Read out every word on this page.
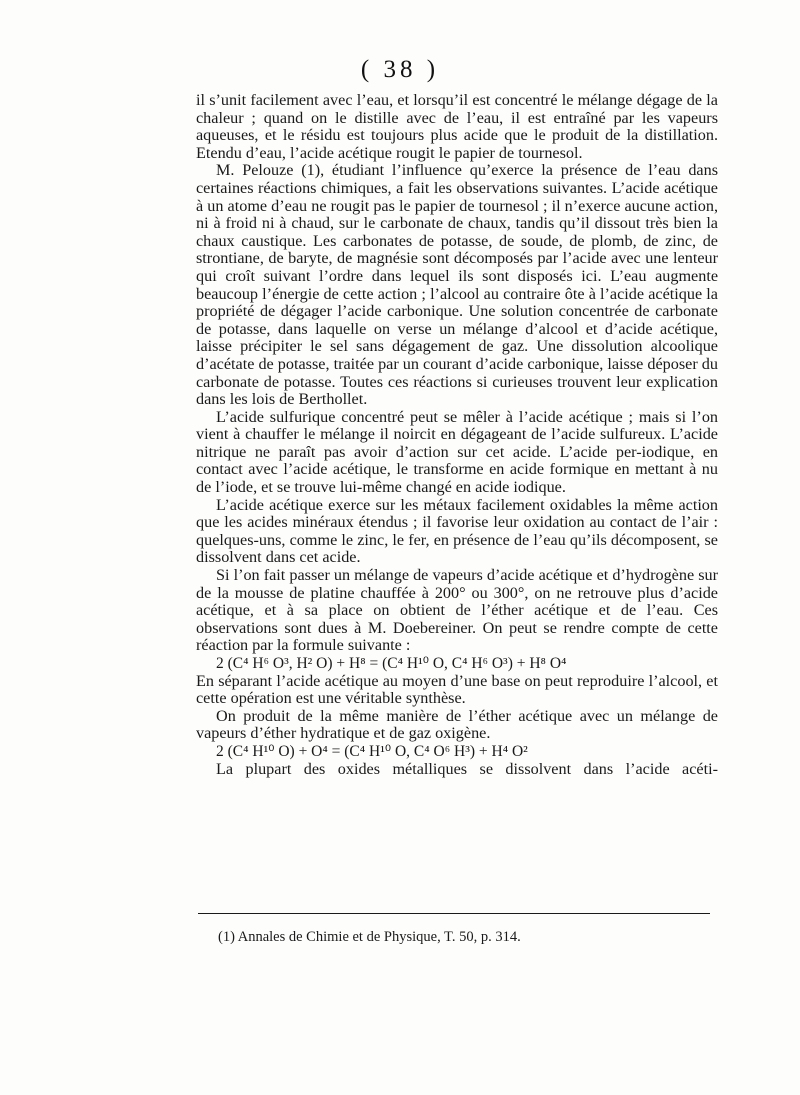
( 38 )

il s’unit facilement avec l’eau, et lorsqu’il est concentré le mélange dégage de la chaleur ; quand on le distille avec de l’eau, il est entraîné par les vapeurs aqueuses, et le résidu est toujours plus acide que le produit de la distillation. Etendu d’eau, l’acide acétique rougit le papier de tournesol.

M. Pelouze (1), étudiant l’influence qu’exerce la présence de l’eau dans certaines réactions chimiques, a fait les observations suivantes. L’acide acétique à un atome d’eau ne rougit pas le papier de tournesol ; il n’exerce aucune action, ni à froid ni à chaud, sur le carbonate de chaux, tandis qu’il dissout très bien la chaux caustique. Les carbonates de potasse, de soude, de plomb, de zinc, de strontiane, de baryte, de magnésie sont décomposés par l’acide avec une lenteur qui croît suivant l’ordre dans lequel ils sont disposés ici. L’eau augmente beaucoup l’énergie de cette action ; l’alcool au contraire ôte à l’acide acétique la propriété de dégager l’acide carbonique. Une solution concentrée de carbonate de potasse, dans laquelle on verse un mélange d’alcool et d’acide acétique, laisse précipiter le sel sans dégagement de gaz. Une dissolution alcoolique d’acétate de potasse, traitée par un courant d’acide carbonique, laisse déposer du carbonate de potasse. Toutes ces réactions si curieuses trouvent leur explication dans les lois de Berthollet.

L’acide sulfurique concentré peut se mêler à l’acide acétique ; mais si l’on vient à chauffer le mélange il noircit en dégageant de l’acide sulfureux. L’acide nitrique ne paraît pas avoir d’action sur cet acide. L’acide per-iodique, en contact avec l’acide acétique, le transforme en acide formique en mettant à nu de l’iode, et se trouve lui-même changé en acide iodique.

L’acide acétique exerce sur les métaux facilement oxidables la même action que les acides minéraux étendus ; il favorise leur oxidation au contact de l’air : quelques-uns, comme le zinc, le fer, en présence de l’eau qu’ils décomposent, se dissolvent dans cet acide.

Si l’on fait passer un mélange de vapeurs d’acide acétique et d’hydrogène sur de la mousse de platine chauffée à 200° ou 300°, on ne retrouve plus d’acide acétique, et à sa place on obtient de l’éther acétique et de l’eau. Ces observations sont dues à M. Doebereiner. On peut se rendre compte de cette réaction par la formule suivante :

2 (C⁴ H⁶ O³, H² O) + H⁸ = (C⁴ H¹⁰ O, C⁴ H⁶ O³) + H⁸ O⁴

En séparant l’acide acétique au moyen d’une base on peut reproduire l’alcool, et cette opération est une véritable synthèse.

On produit de la même manière de l’éther acétique avec un mélange de vapeurs d’éther hydratique et de gaz oxigène.

2 (C⁴ H¹⁰ O) + O⁴ = (C⁴ H¹⁰ O, C⁴ O⁶ H³) + H⁴ O²

La plupart des oxides métalliques se dissolvent dans l’acide acéti-

(1) Annales de Chimie et de Physique, T. 50, p. 314.
